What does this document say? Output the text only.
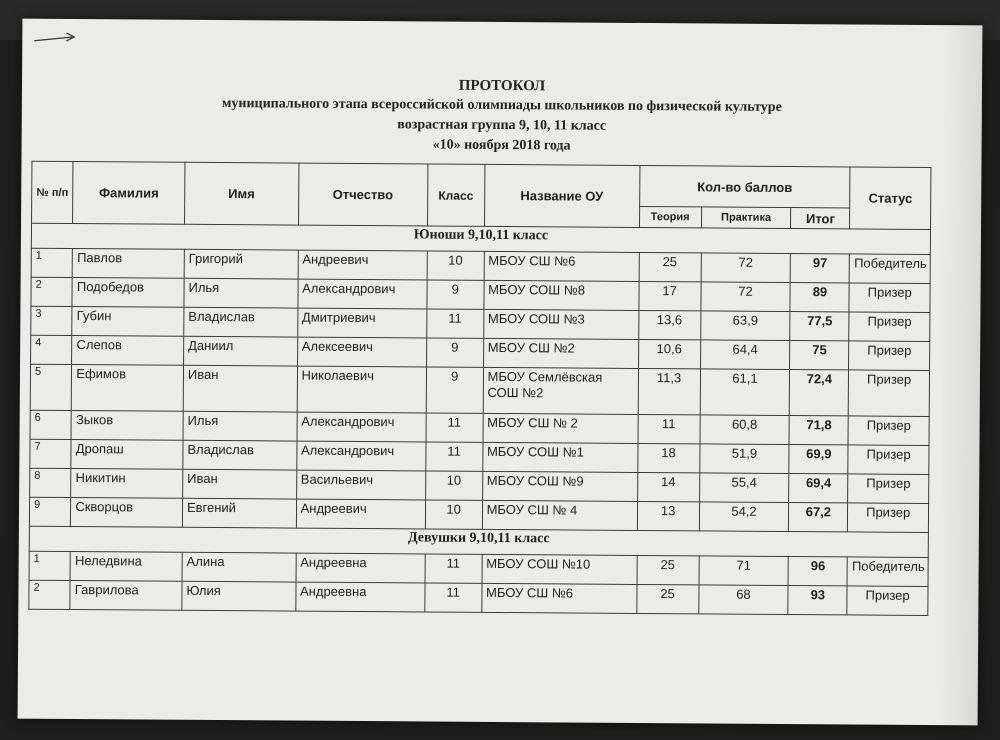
ПРОТОКОЛ
муниципального этапа всероссийской олимпиады школьников по физической культуре
возрастная группа 9, 10, 11 класс
«10» ноября 2018 года
№ п/п	Фамилия	Имя	Отчество	Класс	Название ОУ	Кол-во баллов			Статус
						Теория	Практика	Итог	
Юноши 9,10,11 класс									
1	Павлов	Григорий	Андреевич	10	МБОУ СШ №6	25	72	97	Победитель
2	Подобедов	Илья	Александрович	9	МБОУ СОШ №8	17	72	89	Призер
3	Губин	Владислав	Дмитриевич	11	МБОУ СОШ №3	13,6	63,9	77,5	Призер
4	Слепов	Даниил	Алексеевич	9	МБОУ СШ №2	10,6	64,4	75	Призер
5	Ефимов	Иван	Николаевич	9	МБОУ Семлёвская СОШ №2	11,3	61,1	72,4	Призер
6	Зыков	Илья	Александрович	11	МБОУ СШ № 2	11	60,8	71,8	Призер
7	Дропаш	Владислав	Александрович	11	МБОУ СОШ №1	18	51,9	69,9	Призер
8	Никитин	Иван	Васильевич	10	МБОУ СОШ №9	14	55,4	69,4	Призер
9	Скворцов	Евгений	Андреевич	10	МБОУ СШ № 4	13	54,2	67,2	Призер
Девушки 9,10,11 класс									
1	Неледвина	Алина	Андреевна	11	МБОУ СОШ №10	25	71	96	Победитель
2	Гаврилова	Юлия	Андреевна	11	МБОУ СШ №6	25	68	93	Призер
